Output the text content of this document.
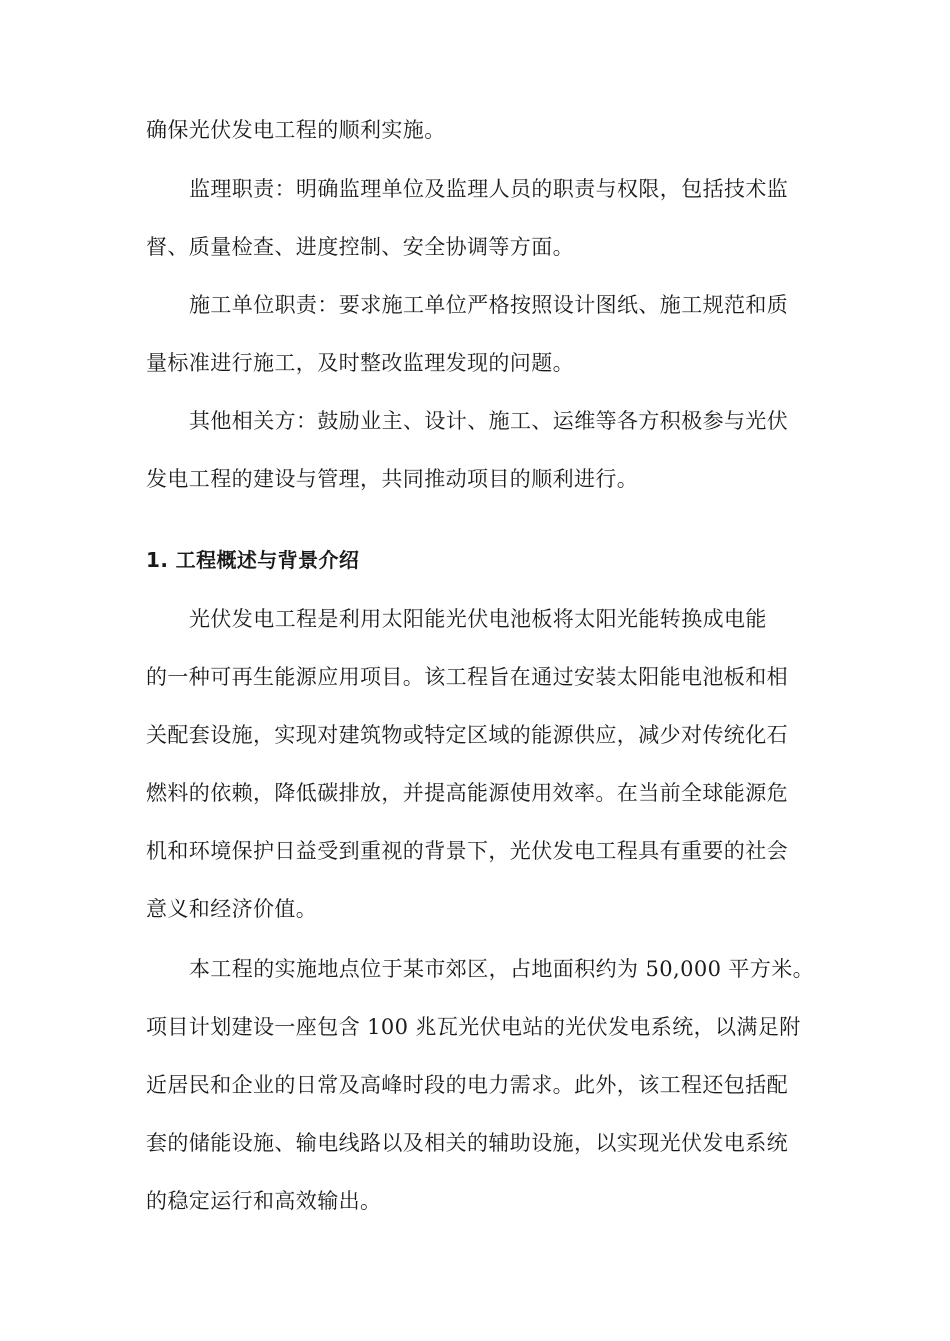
确保光伏发电工程的顺利实施。

监理职责：明确监理单位及监理人员的职责与权限，包括技术监

督、质量检查、进度控制、安全协调等方面。

施工单位职责：要求施工单位严格按照设计图纸、施工规范和质

量标准进行施工，及时整改监理发现的问题。

其他相关方：鼓励业主、设计、施工、运维等各方积极参与光伏

发电工程的建设与管理，共同推动项目的顺利进行。

1. 工程概述与背景介绍

光伏发电工程是利用太阳能光伏电池板将太阳光能转换成电能

的一种可再生能源应用项目。该工程旨在通过安装太阳能电池板和相

关配套设施，实现对建筑物或特定区域的能源供应，减少对传统化石

燃料的依赖，降低碳排放，并提高能源使用效率。在当前全球能源危

机和环境保护日益受到重视的背景下，光伏发电工程具有重要的社会

意义和经济价值。

本工程的实施地点位于某市郊区，占地面积约为 50,000 平方米。

项目计划建设一座包含 100 兆瓦光伏电站的光伏发电系统，以满足附

近居民和企业的日常及高峰时段的电力需求。此外，该工程还包括配

套的储能设施、输电线路以及相关的辅助设施，以实现光伏发电系统

的稳定运行和高效输出。
